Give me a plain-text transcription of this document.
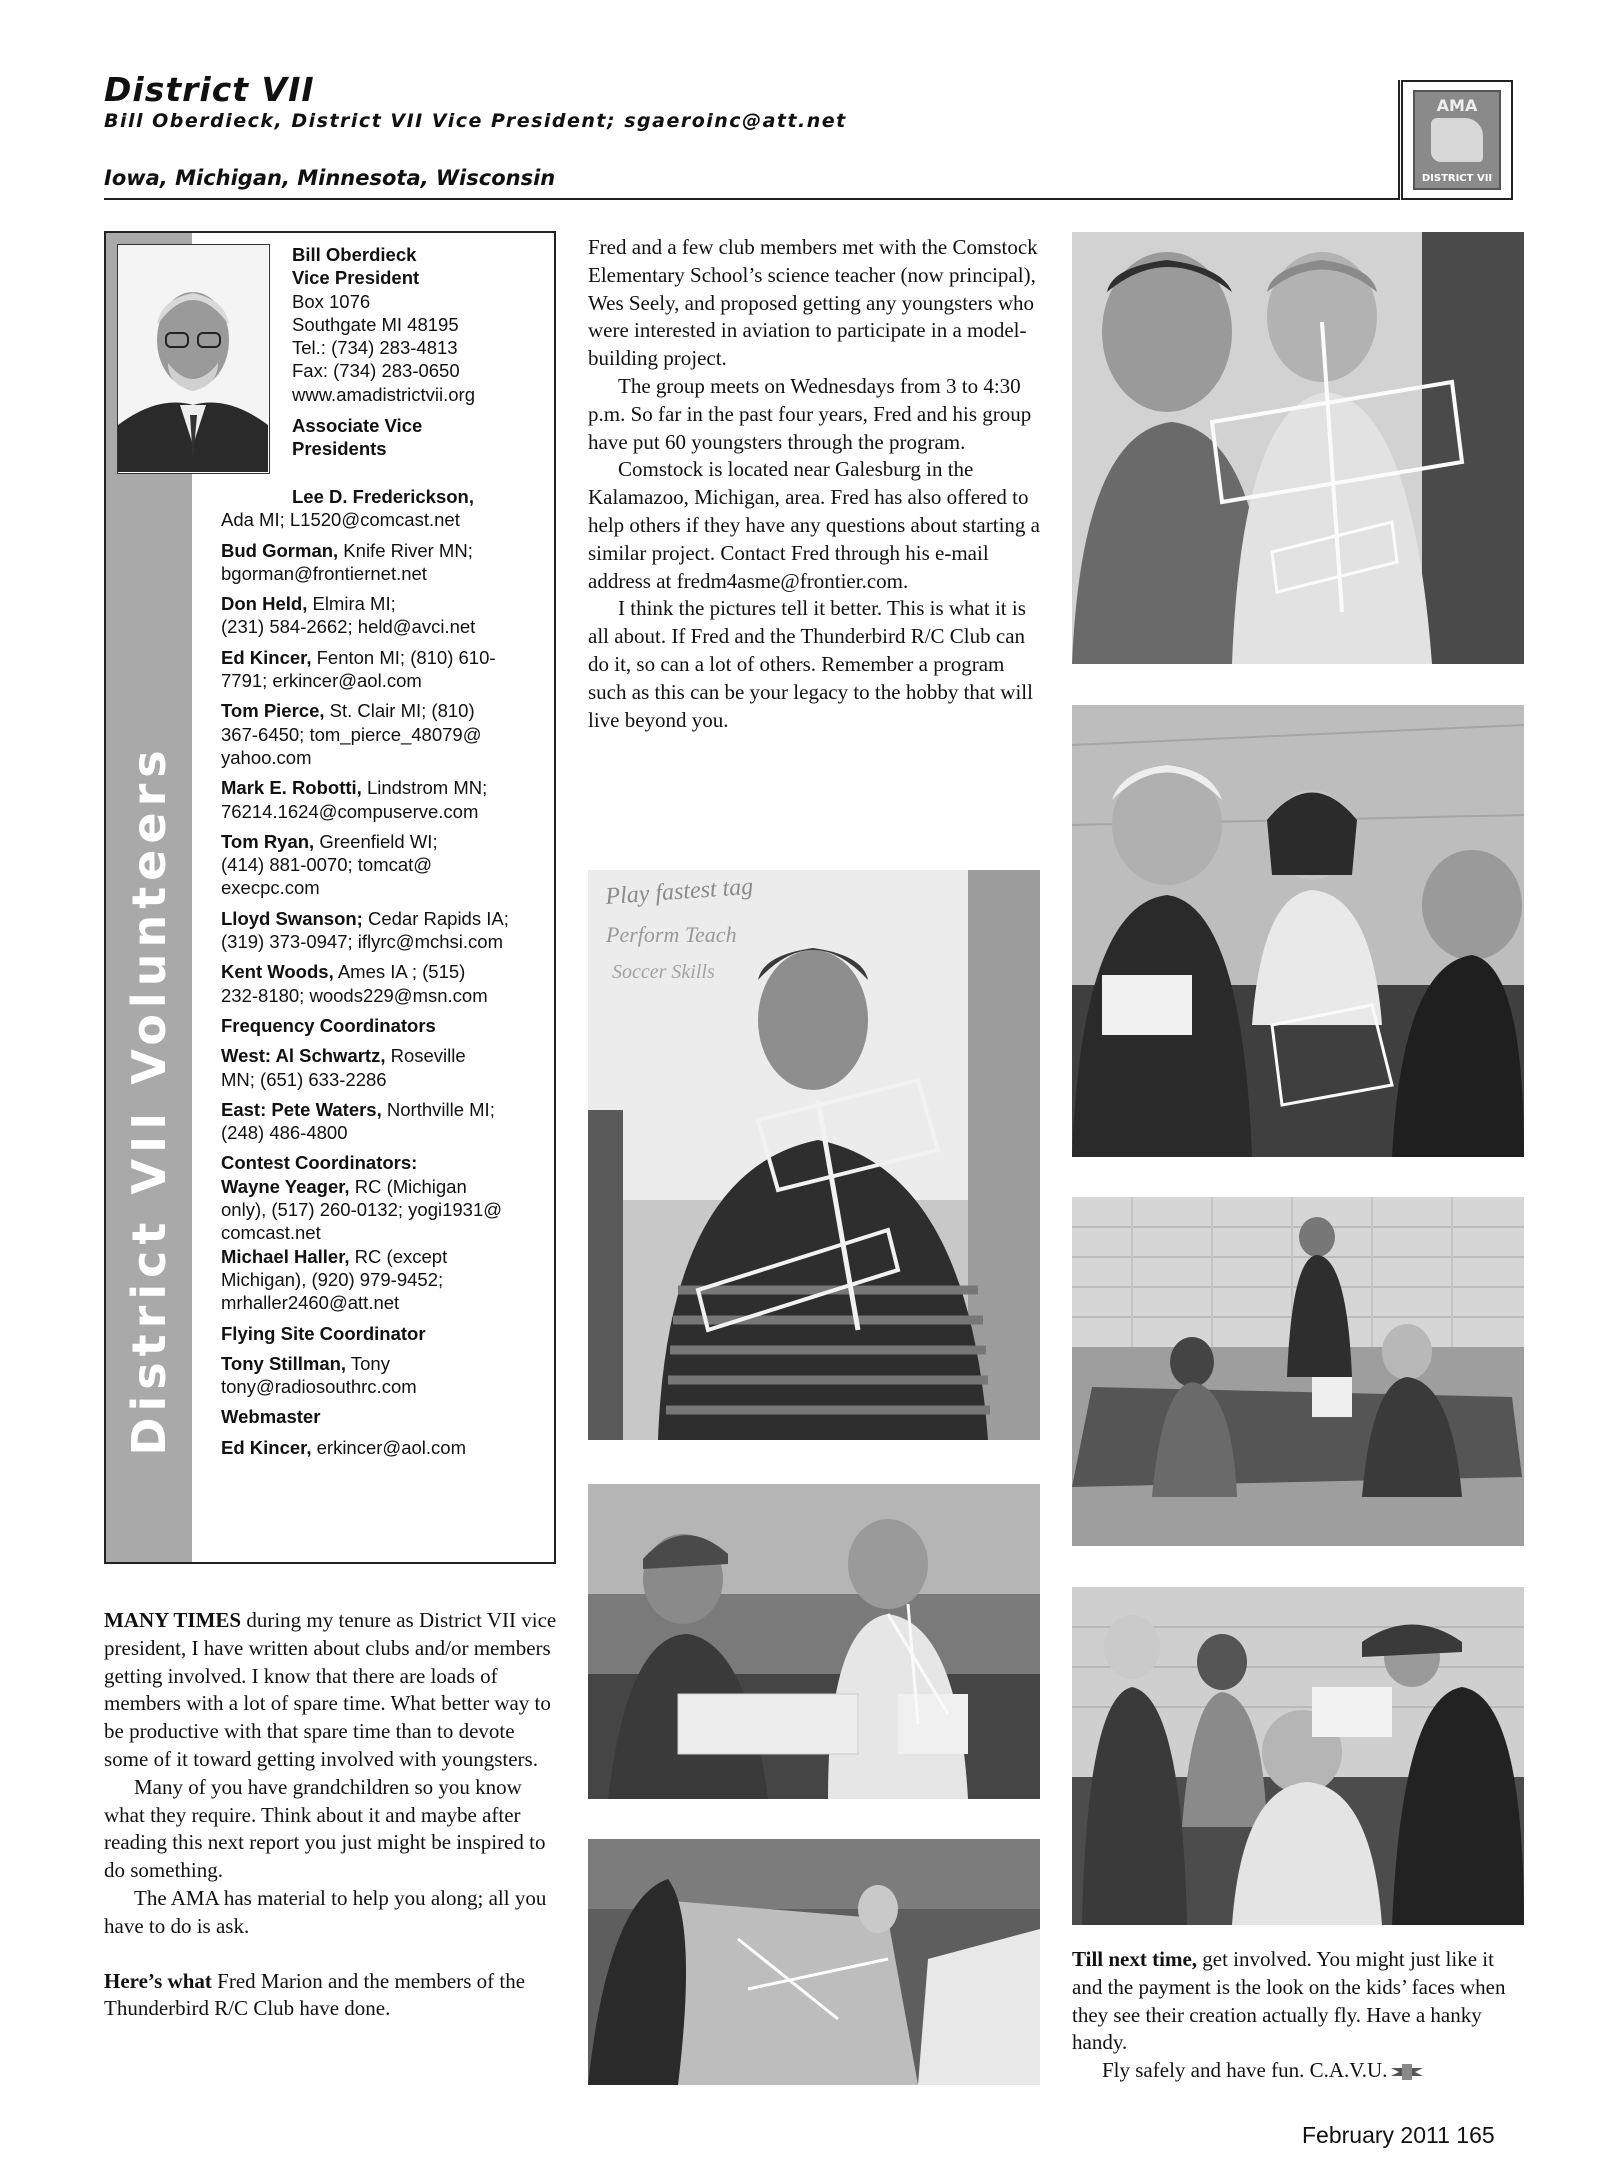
District VII
Bill Oberdieck, District VII Vice President; sgaeroinc@att.net
Iowa, Michigan, Minnesota, Wisconsin
AMA
DISTRICT VII
District VII Volunteers
Bill Oberdieck
Vice President
Box 1076
Southgate MI 48195
Tel.: (734) 283-4813
Fax: (734) 283-0650
www.amadistrictvii.org
Associate Vice
Presidents

Lee D. Frederickson,
Ada MI; L1520@comcast.net

Bud Gorman, Knife River MN;
bgorman@frontiernet.net

Don Held, Elmira MI;
(231) 584-2662; held@avci.net

Ed Kincer, Fenton MI; (810) 610-
7791; erkincer@aol.com

Tom Pierce, St. Clair MI; (810)
367-6450; tom_pierce_48079@
yahoo.com

Mark E. Robotti, Lindstrom MN;
76214.1624@compuserve.com

Tom Ryan, Greenfield WI;
(414) 881-0070; tomcat@
execpc.com

Lloyd Swanson; Cedar Rapids IA;
(319) 373-0947; iflyrc@mchsi.com

Kent Woods, Ames IA ; (515)
232-8180; woods229@msn.com

Frequency Coordinators

West: Al Schwartz, Roseville
MN; (651) 633-2286

East: Pete Waters, Northville MI;
(248) 486-4800

Contest Coordinators:
Wayne Yeager, RC (Michigan
only), (517) 260-0132; yogi1931@
comcast.net

Michael Haller, RC (except
Michigan), (920) 979-9452;
mrhaller2460@att.net

Flying Site Coordinator

Tony Stillman, Tony
tony@radiosouthrc.com

Webmaster

Ed Kincer, erkincer@aol.com

MANY TIMES during my tenure as District VII vice president, I have written about clubs and/or members getting involved. I know that there are loads of members with a lot of spare time. What better way to be productive with that spare time than to devote some of it toward getting involved with youngsters.

Many of you have grandchildren so you know what they require. Think about it and maybe after reading this next report you just might be inspired to do something.

The AMA has material to help you along; all you have to do is ask.

Here’s what Fred Marion and the members of the Thunderbird R/C Club have done.

Fred and a few club members met with the Comstock Elementary School’s science teacher (now principal), Wes Seely, and proposed getting any youngsters who were interested in aviation to participate in a model-building project.

The group meets on Wednesdays from 3 to 4:30 p.m. So far in the past four years, Fred and his group have put 60 youngsters through the program.

Comstock is located near Galesburg in the Kalamazoo, Michigan, area. Fred has also offered to help others if they have any questions about starting a similar project. Contact Fred through his e-mail address at fredm4asme@frontier.com.

I think the pictures tell it better. This is what it is all about. If Fred and the Thunderbird R/C Club can do it, so can a lot of others. Remember a program such as this can be your legacy to the hobby that will live beyond you.

Play fastest tag
Perform Teach
Soccer Skills

Till next time, get involved. You might just like it and the payment is the look on the kids’ faces when they see their creation actually fly. Have a hanky handy.

Fly safely and have fun. C.A.V.U.

February 2011 165
